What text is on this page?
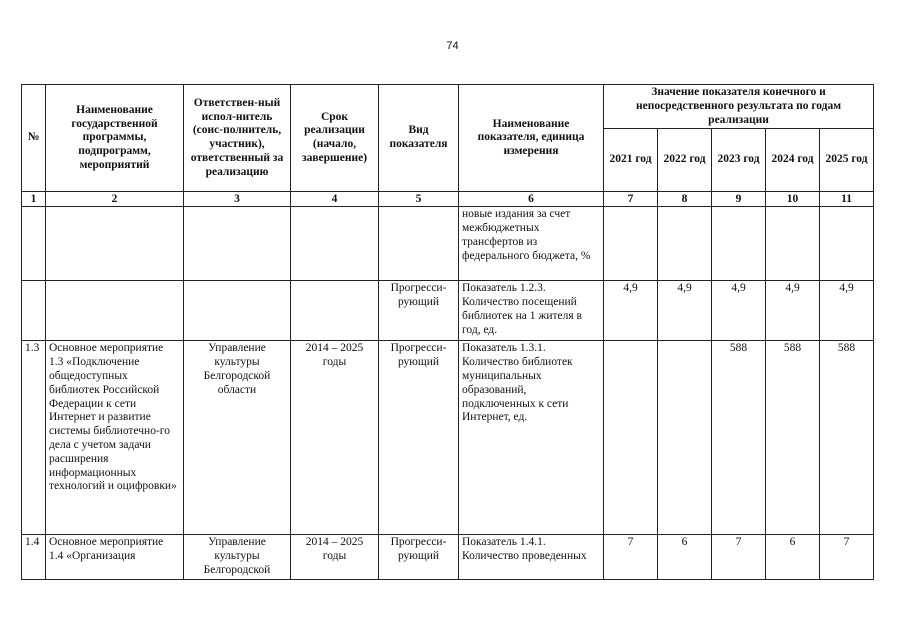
74
№	Наименование государственной программы, подпрограмм, мероприятий	Ответствен-ный испол-нитель (соис-полнитель, участник), ответственный за реализацию	Срок реализации (начало, завершение)	Вид показателя	Наименование показателя, единица измерения	Значение показателя конечного и непосредственного результата по годам реализации				
						2021 год	2022 год	2023 год	2024 год	2025 год
1	2	3	4	5	6	7	8	9	10	11
					новые издания за счет межбюджетных трансфертов из федерального бюджета, %					
				Прогресси-рующий	Показатель 1.2.3. Количество посещений библиотек на 1 жителя в год, ед.	4,9	4,9	4,9	4,9	4,9
1.3	Основное мероприятие 1.3 «Подключение общедоступных библиотек Российской Федерации к сети Интернет и развитие системы библиотечно-го дела с учетом задачи расширения информационных технологий и оцифровки»	Управление культуры Белгородской области	2014 – 2025 годы	Прогресси-рующий	Показатель 1.3.1. Количество библиотек муниципальных образований, подключенных к сети Интернет, ед.			588	588	588
1.4	Основное мероприятие 1.4 «Организация	Управление культуры Белгородской	2014 – 2025 годы	Прогресси-рующий	Показатель 1.4.1. Количество проведенных	7	6	7	6	7
